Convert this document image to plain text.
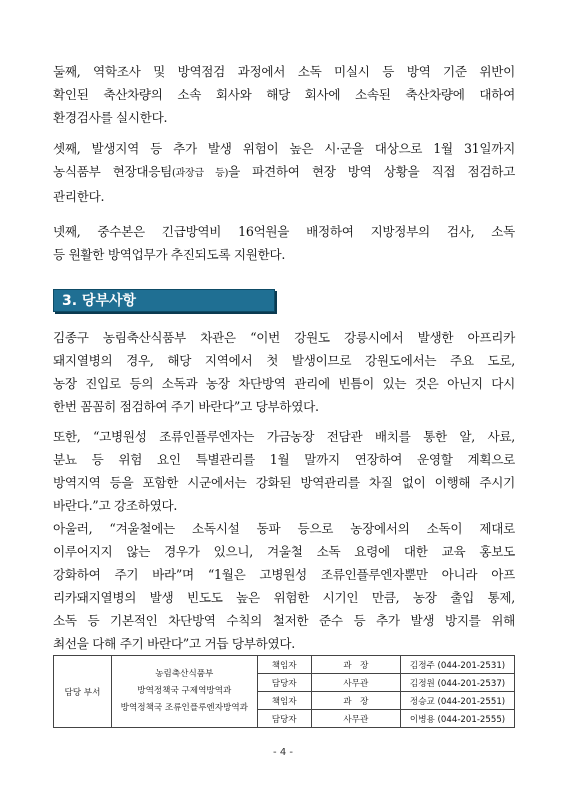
둘째, 역학조사 및 방역점검 과정에서 소독 미실시 등 방역 기준 위반이
확인된 축산차량의 소속 회사와 해당 회사에 소속된 축산차량에 대하여
환경검사를 실시한다.
셋째, 발생지역 등 추가 발생 위험이 높은 시·군을 대상으로 1월 31일까지
농식품부 현장대응팀(과장급 등)을 파견하여 현장 방역 상황을 직접 점검하고
관리한다.
넷째, 중수본은 긴급방역비 16억원을 배정하여 지방정부의 검사, 소독
등 원활한 방역업무가 추진되도록 지원한다.
3. 당부사항
김종구 농림축산식품부 차관은 “이번 강원도 강릉시에서 발생한 아프리카
돼지열병의 경우, 해당 지역에서 첫 발생이므로 강원도에서는 주요 도로,
농장 진입로 등의 소독과 농장 차단방역 관리에 빈틈이 있는 것은 아닌지 다시
한번 꼼꼼히 점검하여 주기 바란다”고 당부하였다.
또한, “고병원성 조류인플루엔자는 가금농장 전담관 배치를 통한 알, 사료,
분뇨 등 위험 요인 특별관리를 1월 말까지 연장하여 운영할 계획으로
방역지역 등을 포함한 시군에서는 강화된 방역관리를 차질 없이 이행해 주시기
바란다.”고 강조하였다.
아울러, “겨울철에는 소독시설 동파 등으로 농장에서의 소독이 제대로
이루어지지 않는 경우가 있으니, 겨울철 소독 요령에 대한 교육 홍보도
강화하여 주기 바라”며 “1월은 고병원성 조류인플루엔자뿐만 아니라 아프
리카돼지열병의 발생 빈도도 높은 위험한 시기인 만큼, 농장 출입 통제,
소독 등 기본적인 차단방역 수칙의 철저한 준수 등 추가 발생 방지를 위해
최선을 다해 주기 바란다”고 거듭 당부하였다.
담당 부서	농림축산식품부
방역정책국 구제역방역과
방역정책국 조류인플루엔자방역과	책임자	과　장	김정주 (044-201-2531)
		담당자	사무관	김정원 (044-201-2537)
		책임자	과　장	정승교 (044-201-2551)
		담당자	사무관	이병용 (044-201-2555)
- 4 -
